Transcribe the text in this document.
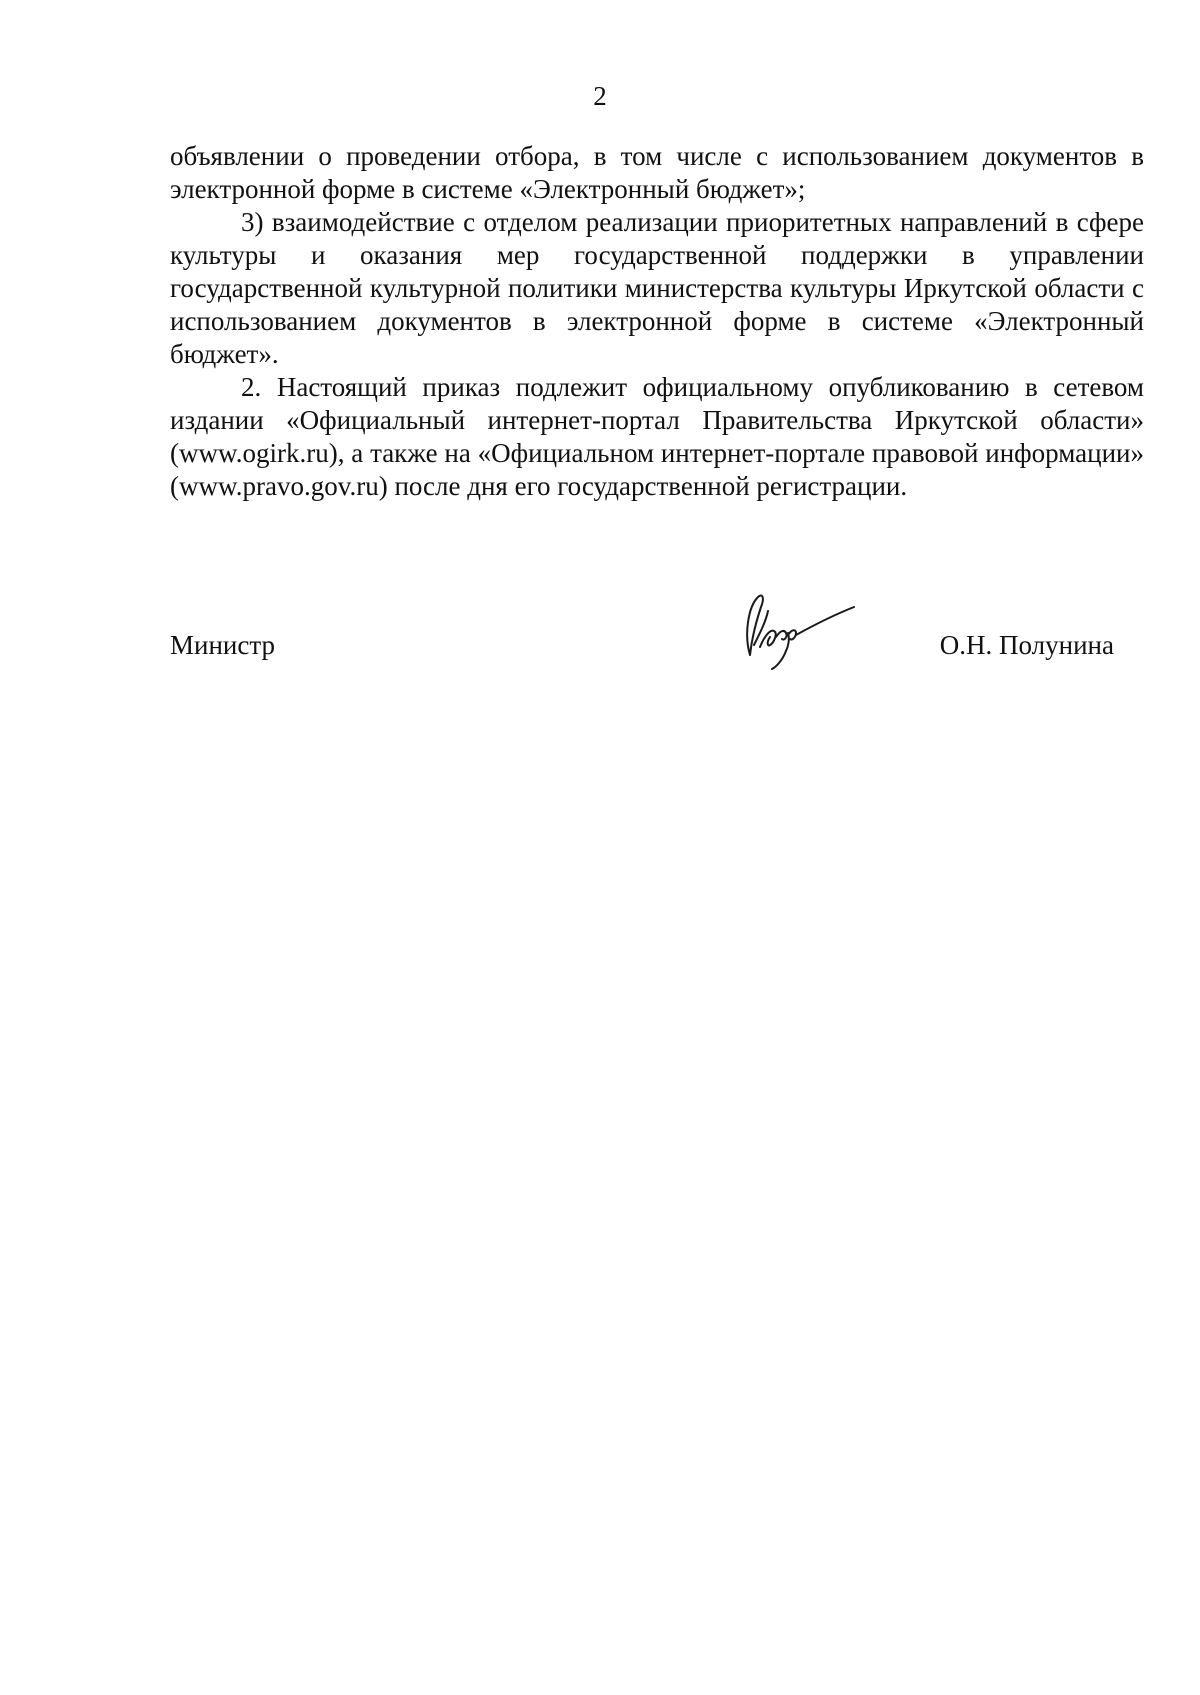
2

объявлении о проведении отбора, в том числе с использованием документов в электронной форме в системе «Электронный бюджет»;

3) взаимодействие с отделом реализации приоритетных направлений в сфере культуры и оказания мер государственной поддержки в управлении государственной культурной политики министерства культуры Иркутской области с использованием документов в электронной форме в системе «Электронный бюджет».

2. Настоящий приказ подлежит официальному опубликованию в сетевом издании «Официальный интернет-портал Правительства Иркутской области» (www.ogirk.ru), а также на «Официальном интернет-портале правовой информации» (www.pravo.gov.ru) после дня его государственной регистрации.

Министр	О.Н. Полунина
